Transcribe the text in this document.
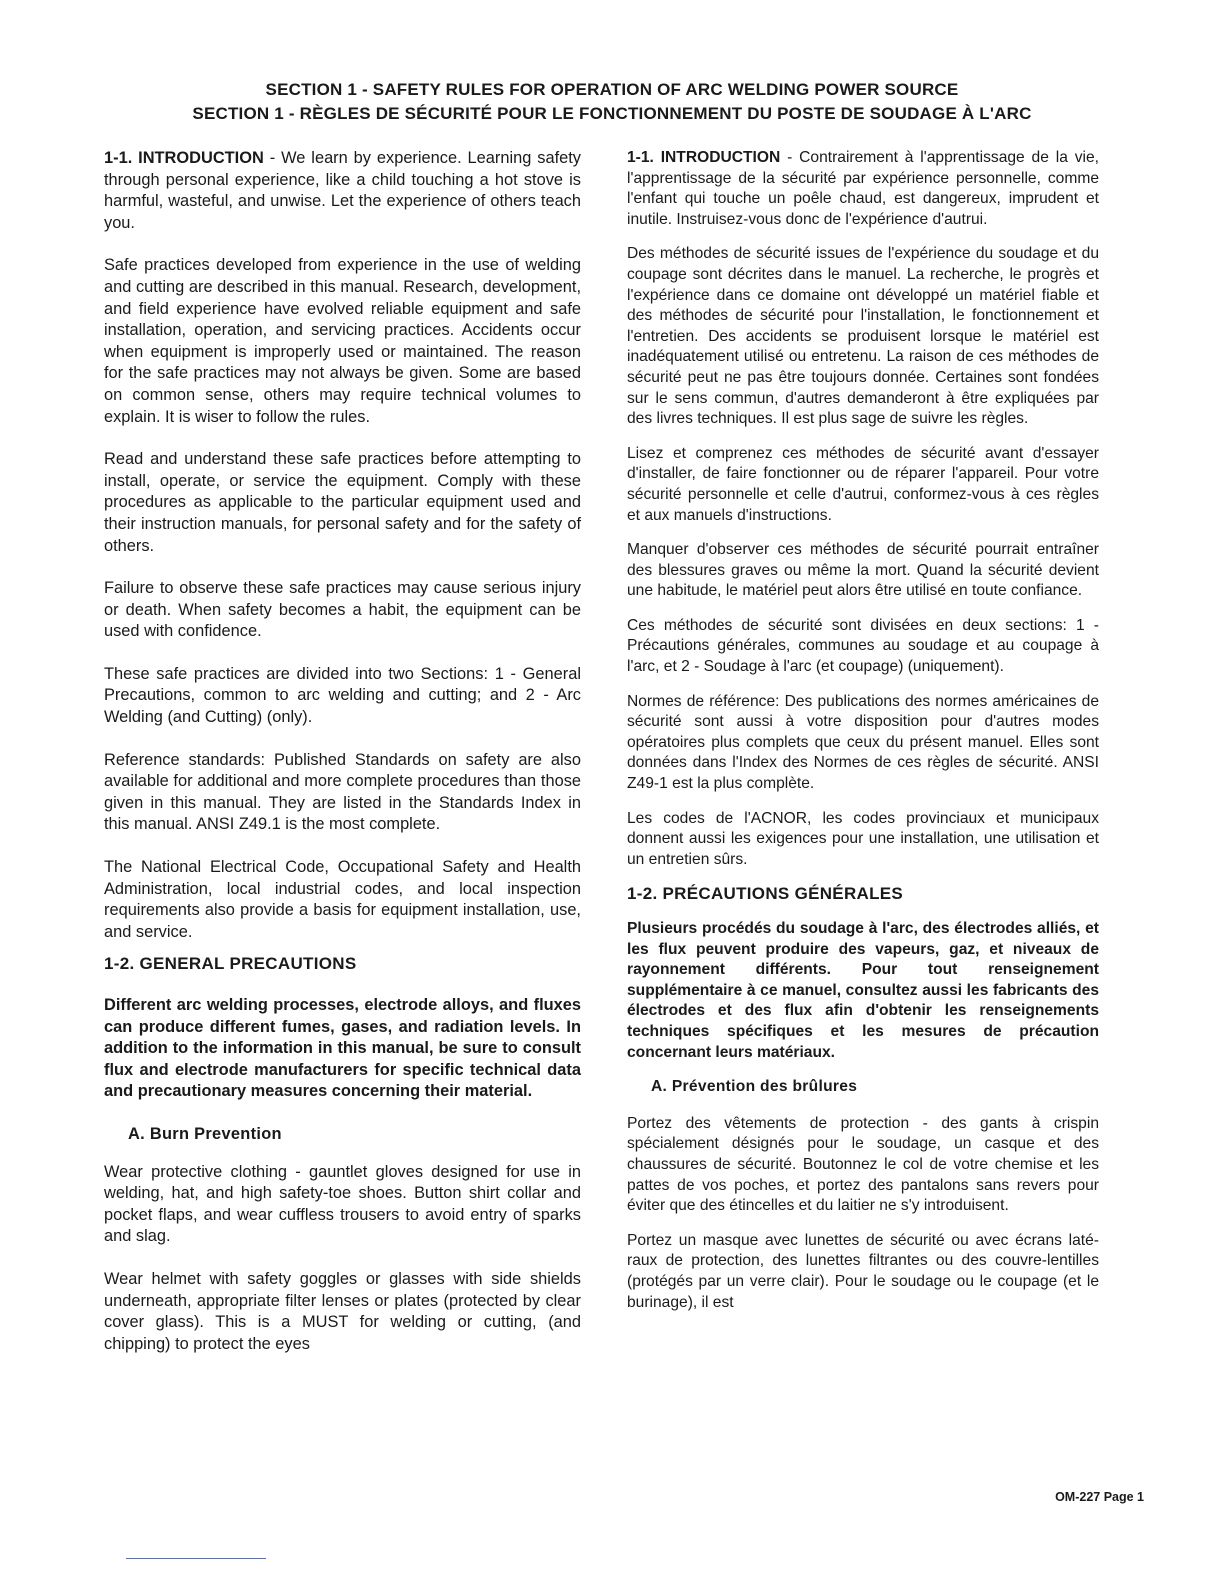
SECTION 1 - SAFETY RULES FOR OPERATION OF ARC WELDING POWER SOURCE
SECTION 1 - RÈGLES DE SÉCURITÉ POUR LE FONCTIONNEMENT DU POSTE DE SOUDAGE À L'ARC

1-1. INTRODUCTION - We learn by experience. Learning safety through personal experience, like a child touching a hot stove is harmful, wasteful, and unwise. Let the experience of others teach you.

Safe practices developed from experience in the use of welding and cutting are described in this manual. Research, development, and field experience have evolved reliable equipment and safe installation, operation, and servicing practices. Accidents occur when equipment is improperly used or maintained. The reason for the safe practices may not always be given. Some are based on common sense, others may require technical volumes to explain. It is wiser to follow the rules.

Read and understand these safe practices before attempting to install, operate, or service the equipment. Comply with these procedures as applicable to the particular equipment used and their instruction manuals, for personal safety and for the safety of others.

Failure to observe these safe practices may cause serious injury or death. When safety becomes a habit, the equipment can be used with confidence.

These safe practices are divided into two Sections: 1 - General Precautions, common to arc welding and cutting; and 2 - Arc Welding (and Cutting) (only).

Reference standards: Published Standards on safety are also available for additional and more complete procedures than those given in this manual. They are listed in the Standards Index in this manual. ANSI Z49.1 is the most complete.

The National Electrical Code, Occupational Safety and Health Administration, local industrial codes, and local inspection requirements also provide a basis for equipment installation, use, and service.

1-2. GENERAL PRECAUTIONS

Different arc welding processes, electrode alloys, and fluxes can produce different fumes, gases, and radiation levels. In addition to the information in this manual, be sure to consult flux and electrode manufacturers for specific technical data and precautionary measures concerning their material.

A. Burn Prevention

Wear protective clothing - gauntlet gloves designed for use in welding, hat, and high safety-toe shoes. Button shirt collar and pocket flaps, and wear cuffless trousers to avoid entry of sparks and slag.

Wear helmet with safety goggles or glasses with side shields underneath, appropriate filter lenses or plates (protected by clear cover glass). This is a MUST for welding or cutting, (and chipping) to protect the eyes

1-1. INTRODUCTION - Contrairement à l'apprentissage de la vie, l'apprentissage de la sécurité par expérience personnelle, comme l'enfant qui touche un poêle chaud, est dangereux, imprudent et inutile. Instruisez-vous donc de l'expérience d'autrui.

Des méthodes de sécurité issues de l'expérience du soudage et du coupage sont décrites dans le manuel. La recherche, le progrès et l'expérience dans ce domaine ont développé un matériel fiable et des méthodes de sécurité pour l'installation, le fonctionnement et l'entretien. Des accidents se produisent lorsque le matériel est inadéquatement utilisé ou entretenu. La raison de ces méthodes de sécurité peut ne pas être toujours donnée. Certaines sont fondées sur le sens commun, d'autres demanderont à être expliquées par des livres techniques. Il est plus sage de suivre les règles.

Lisez et comprenez ces méthodes de sécurité avant d'essayer d'installer, de faire fonctionner ou de réparer l'appareil. Pour votre sécurité personnelle et celle d'autrui, conformez-vous à ces règles et aux manuels d'instructions.

Manquer d'observer ces méthodes de sécurité pourrait entraîner des blessures graves ou même la mort. Quand la sécurité devient une habitude, le matériel peut alors être utilisé en toute confiance.

Ces méthodes de sécurité sont divisées en deux sections: 1 - Précautions générales, communes au soudage et au coupage à l'arc, et 2 - Soudage à l'arc (et coupage) (uniquement).

Normes de référence: Des publications des normes américaines de sécurité sont aussi à votre disposition pour d'autres modes opératoires plus complets que ceux du présent manuel. Elles sont données dans l'Index des Normes de ces règles de sécurité. ANSI Z49-1 est la plus complète.

Les codes de l'ACNOR, les codes provinciaux et municipaux donnent aussi les exigences pour une installation, une utilisation et un entretien sûrs.

1-2. PRÉCAUTIONS GÉNÉRALES

Plusieurs procédés du soudage à l'arc, des électrodes alliés, et les flux peuvent produire des vapeurs, gaz, et niveaux de rayonnement différents. Pour tout renseignement supplémentaire à ce manuel, consultez aussi les fabricants des électrodes et des flux afin d'obtenir les renseignements techniques spécifiques et les mesures de précaution concernant leurs matériaux.

A. Prévention des brûlures

Portez des vêtements de protection - des gants à crispin spécialement désignés pour le soudage, un casque et des chaussures de sécurité. Boutonnez le col de votre chemise et les pattes de vos poches, et portez des pantalons sans revers pour éviter que des étincelles et du laitier ne s'y introduisent.

Portez un masque avec lunettes de sécurité ou avec écrans laté-raux de protection, des lunettes filtrantes ou des couvre-lentilles (protégés par un verre clair). Pour le soudage ou le coupage (et le burinage), il est

OM-227 Page 1
